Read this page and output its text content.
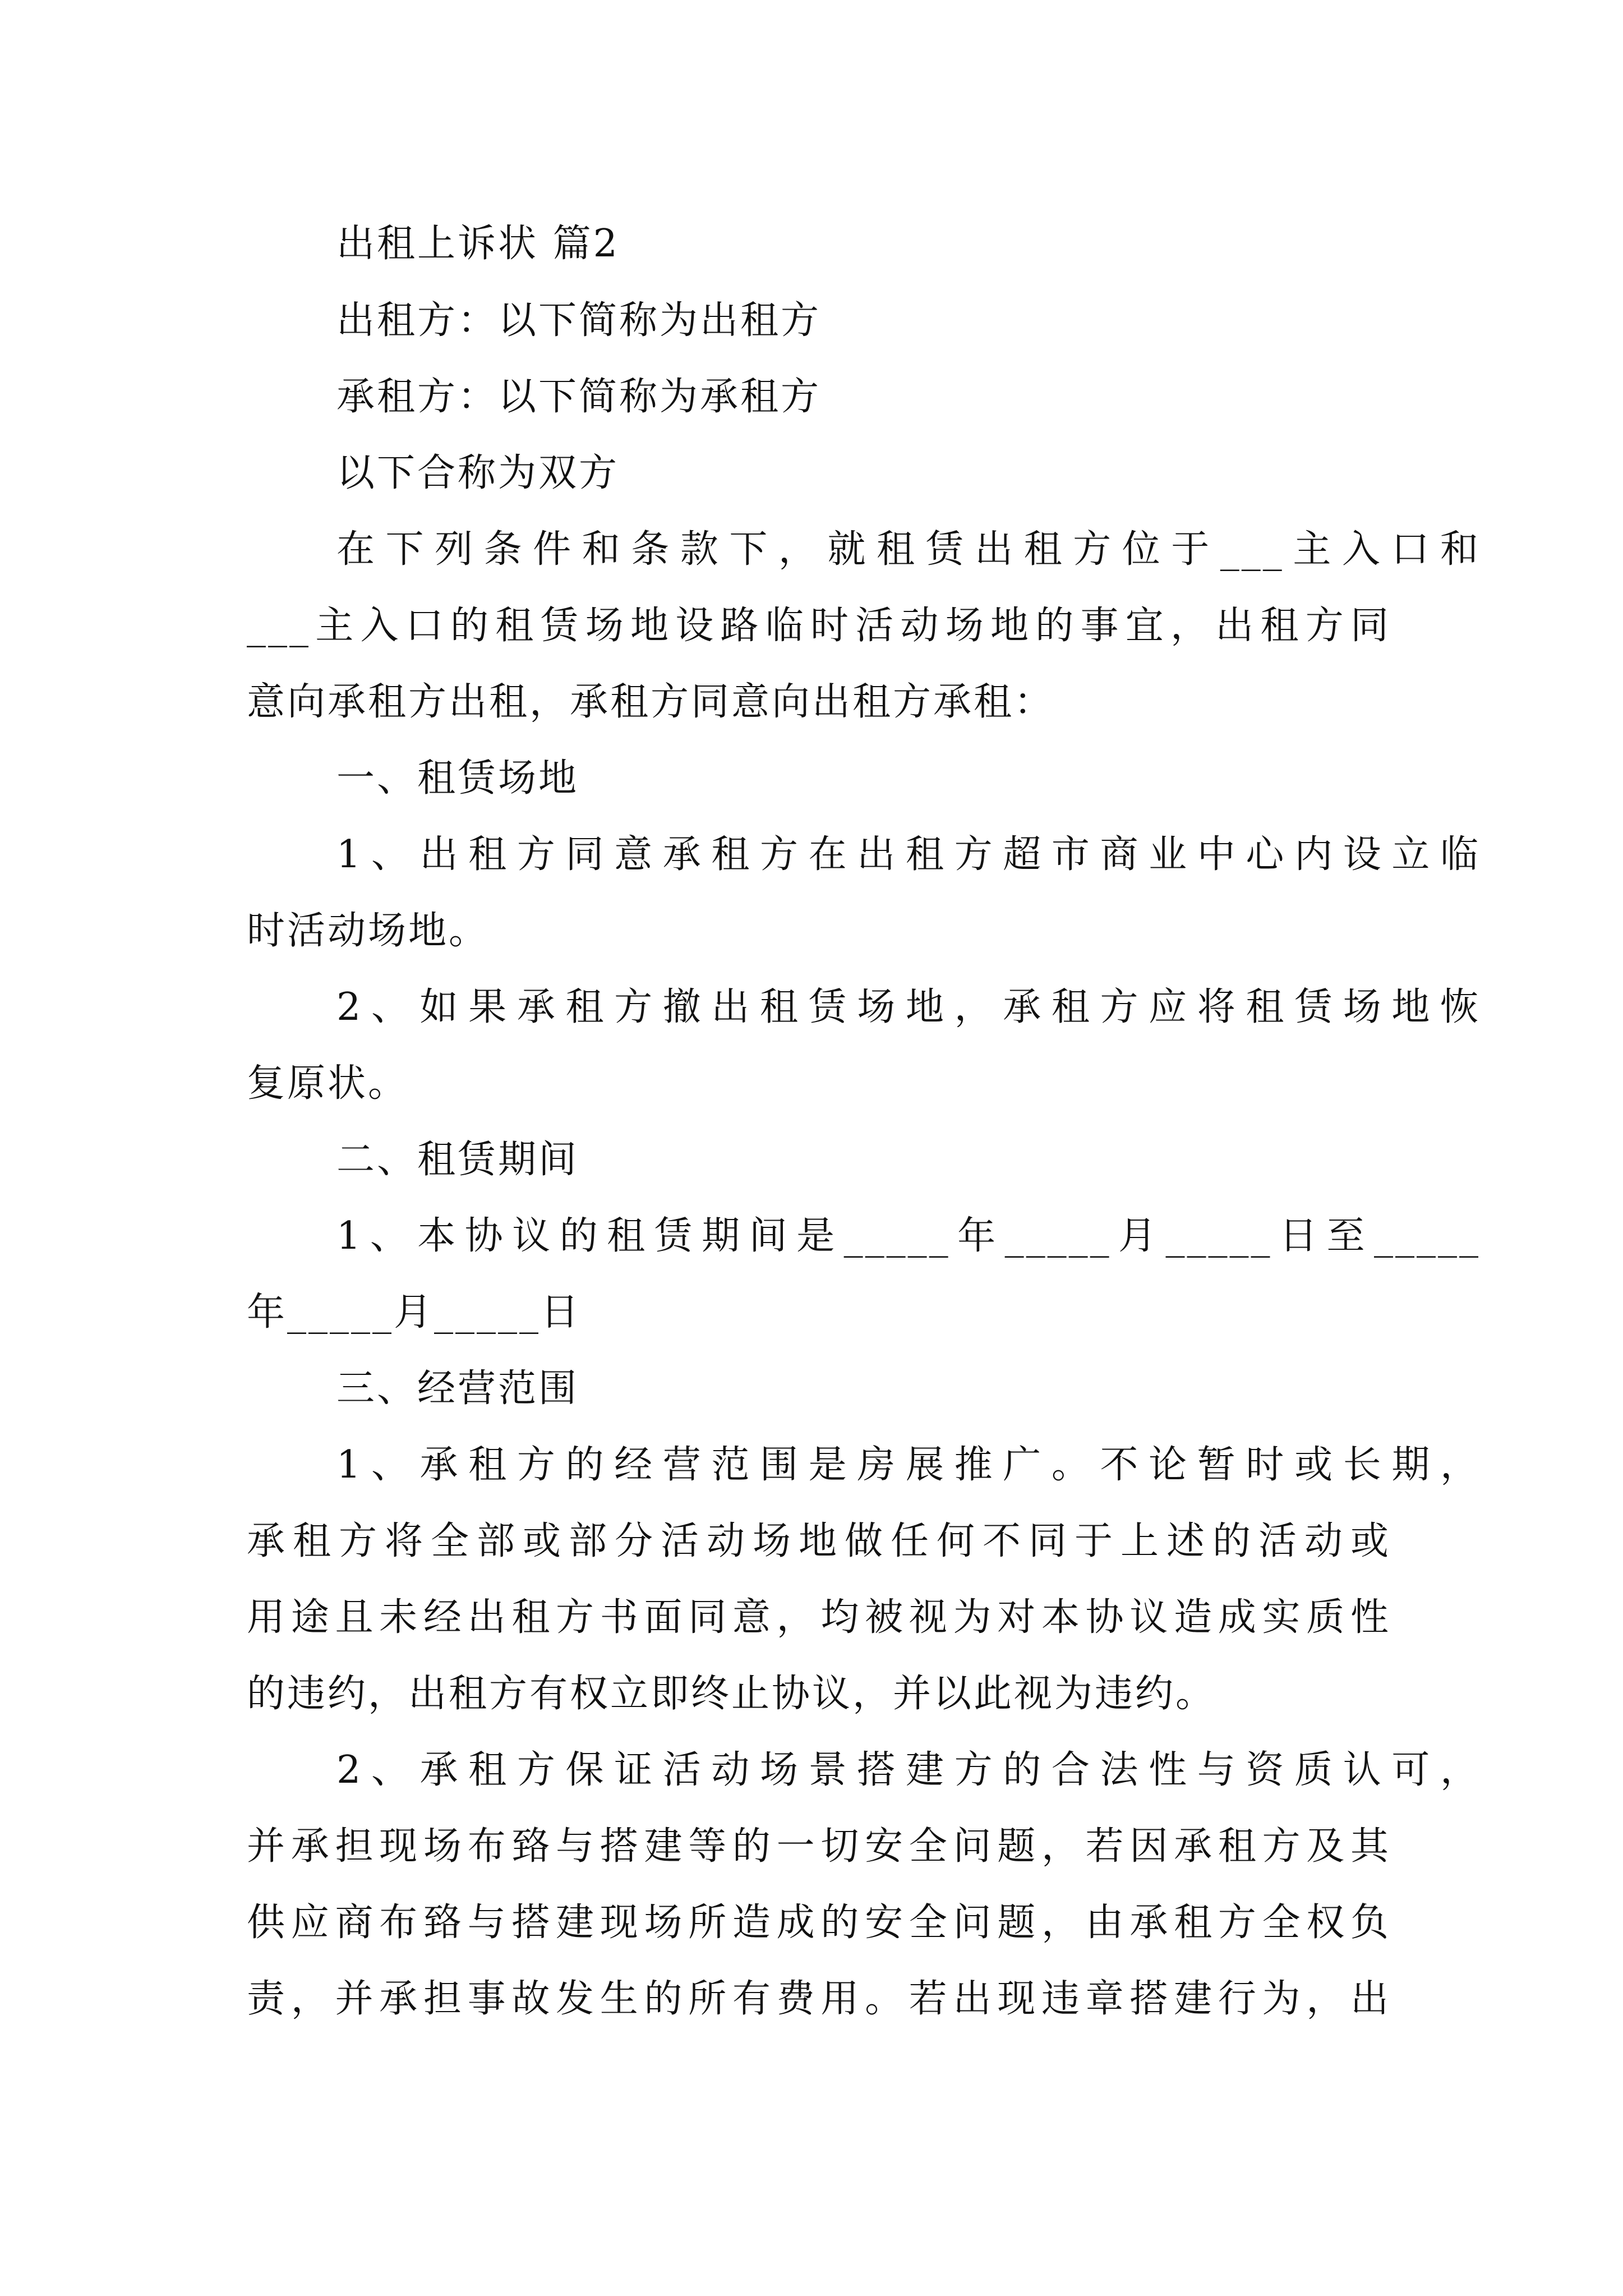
出租上诉状 篇2
出租方：以下简称为出租方
承租方：以下简称为承租方
以下合称为双方
在下列条件和条款下，就租赁出租方位于___主入口和
___主入口的租赁场地设路临时活动场地的事宜，出租方同
意向承租方出租，承租方同意向出租方承租：
一、租赁场地
1、出租方同意承租方在出租方超市商业中心内设立临
时活动场地。
2、如果承租方撤出租赁场地，承租方应将租赁场地恢
复原状。
二、租赁期间
1、本协议的租赁期间是_____年_____月_____日至_____
年_____月_____日
三、经营范围
1、承租方的经营范围是房展推广。不论暂时或长期，
承租方将全部或部分活动场地做任何不同于上述的活动或
用途且未经出租方书面同意，均被视为对本协议造成实质性
的违约，出租方有权立即终止协议，并以此视为违约。
2、承租方保证活动场景搭建方的合法性与资质认可，
并承担现场布臵与搭建等的一切安全问题，若因承租方及其
供应商布臵与搭建现场所造成的安全问题，由承租方全权负
责，并承担事故发生的所有费用。若出现违章搭建行为，出
